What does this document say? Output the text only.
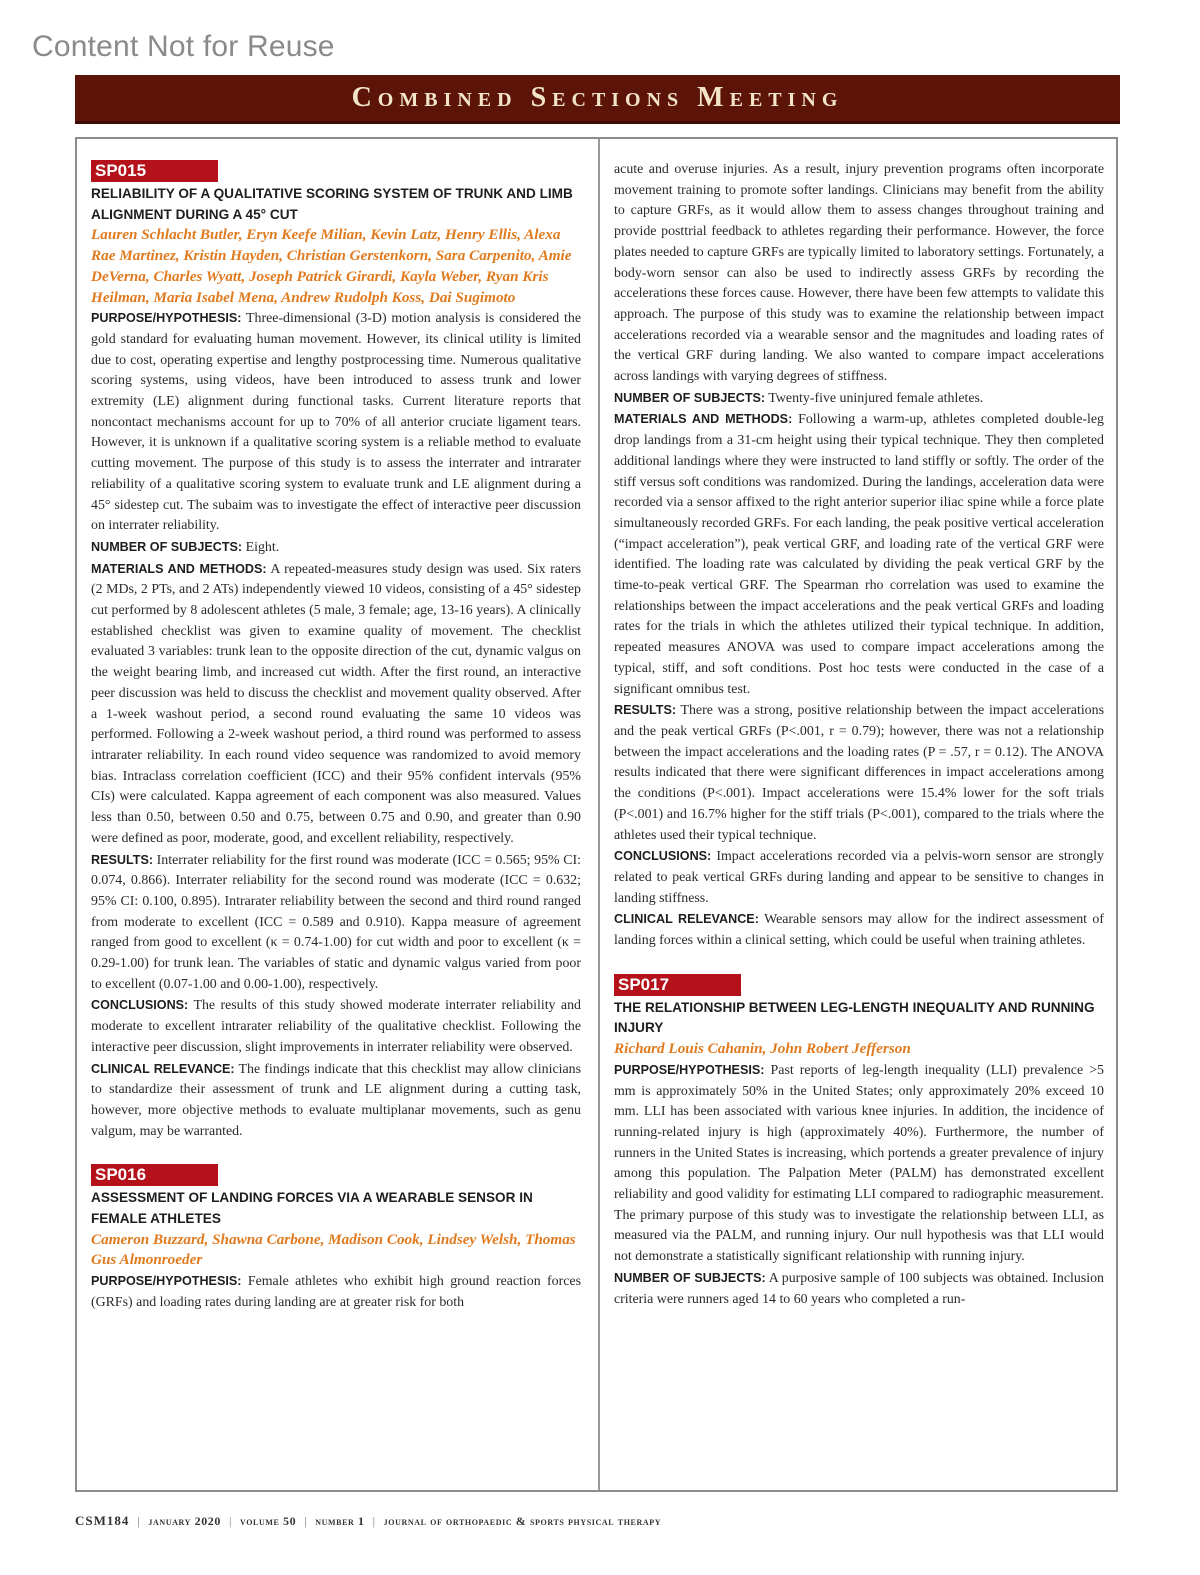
Content Not for Reuse
Combined Sections Meeting
SP015
RELIABILITY OF A QUALITATIVE SCORING SYSTEM OF TRUNK AND LIMB ALIGNMENT DURING A 45° CUT
Lauren Schlacht Butler, Eryn Keefe Milian, Kevin Latz, Henry Ellis, Alexa Rae Martinez, Kristin Hayden, Christian Gerstenkorn, Sara Carpenito, Amie DeVerna, Charles Wyatt, Joseph Patrick Girardi, Kayla Weber, Ryan Kris Heilman, Maria Isabel Mena, Andrew Rudolph Koss, Dai Sugimoto

PURPOSE/HYPOTHESIS: Three-dimensional (3-D) motion analysis is considered the gold standard for evaluating human movement. However, its clinical utility is limited due to cost, operating expertise and lengthy postprocessing time. Numerous qualitative scoring systems, using videos, have been introduced to assess trunk and lower extremity (LE) alignment during functional tasks. Current literature reports that noncontact mechanisms account for up to 70% of all anterior cruciate ligament tears. However, it is unknown if a qualitative scoring system is a reliable method to evaluate cutting movement. The purpose of this study is to assess the interrater and intrarater reliability of a qualitative scoring system to evaluate trunk and LE alignment during a 45° sidestep cut. The subaim was to investigate the effect of interactive peer discussion on interrater reliability.

NUMBER OF SUBJECTS: Eight.

MATERIALS AND METHODS: A repeated-measures study design was used. Six raters (2 MDs, 2 PTs, and 2 ATs) independently viewed 10 videos, consisting of a 45° sidestep cut performed by 8 adolescent athletes (5 male, 3 female; age, 13-16 years). A clinically established checklist was given to examine quality of movement. The checklist evaluated 3 variables: trunk lean to the opposite direction of the cut, dynamic valgus on the weight bearing limb, and increased cut width. After the first round, an interactive peer discussion was held to discuss the checklist and movement quality observed. After a 1-week washout period, a second round evaluating the same 10 videos was performed. Following a 2-week washout period, a third round was performed to assess intrarater reliability. In each round video sequence was randomized to avoid memory bias. Intraclass correlation coefficient (ICC) and their 95% confident intervals (95% CIs) were calculated. Kappa agreement of each component was also measured. Values less than 0.50, between 0.50 and 0.75, between 0.75 and 0.90, and greater than 0.90 were defined as poor, moderate, good, and excellent reliability, respectively.

RESULTS: Interrater reliability for the first round was moderate (ICC = 0.565; 95% CI: 0.074, 0.866). Interrater reliability for the second round was moderate (ICC = 0.632; 95% CI: 0.100, 0.895). Intrarater reliability between the second and third round ranged from moderate to excellent (ICC = 0.589 and 0.910). Kappa measure of agreement ranged from good to excellent (κ = 0.74-1.00) for cut width and poor to excellent (κ = 0.29-1.00) for trunk lean. The variables of static and dynamic valgus varied from poor to excellent (0.07-1.00 and 0.00-1.00), respectively.

CONCLUSIONS: The results of this study showed moderate interrater reliability and moderate to excellent intrarater reliability of the qualitative checklist. Following the interactive peer discussion, slight improvements in interrater reliability were observed.

CLINICAL RELEVANCE: The findings indicate that this checklist may allow clinicians to standardize their assessment of trunk and LE alignment during a cutting task, however, more objective methods to evaluate multiplanar movements, such as genu valgum, may be warranted.

SP016
ASSESSMENT OF LANDING FORCES VIA A WEARABLE SENSOR IN FEMALE ATHLETES
Cameron Buzzard, Shawna Carbone, Madison Cook, Lindsey Welsh, Thomas Gus Almonroeder

PURPOSE/HYPOTHESIS: Female athletes who exhibit high ground reaction forces (GRFs) and loading rates during landing are at greater risk for both

acute and overuse injuries. As a result, injury prevention programs often incorporate movement training to promote softer landings. Clinicians may benefit from the ability to capture GRFs, as it would allow them to assess changes throughout training and provide posttrial feedback to athletes regarding their performance. However, the force plates needed to capture GRFs are typically limited to laboratory settings. Fortunately, a body-worn sensor can also be used to indirectly assess GRFs by recording the accelerations these forces cause. However, there have been few attempts to validate this approach. The purpose of this study was to examine the relationship between impact accelerations recorded via a wearable sensor and the magnitudes and loading rates of the vertical GRF during landing. We also wanted to compare impact accelerations across landings with varying degrees of stiffness.

NUMBER OF SUBJECTS: Twenty-five uninjured female athletes.

MATERIALS AND METHODS: Following a warm-up, athletes completed double-leg drop landings from a 31-cm height using their typical technique. They then completed additional landings where they were instructed to land stiffly or softly. The order of the stiff versus soft conditions was randomized. During the landings, acceleration data were recorded via a sensor affixed to the right anterior superior iliac spine while a force plate simultaneously recorded GRFs. For each landing, the peak positive vertical acceleration (“impact acceleration”), peak vertical GRF, and loading rate of the vertical GRF were identified. The loading rate was calculated by dividing the peak vertical GRF by the time-to-peak vertical GRF. The Spearman rho correlation was used to examine the relationships between the impact accelerations and the peak vertical GRFs and loading rates for the trials in which the athletes utilized their typical technique. In addition, repeated measures ANOVA was used to compare impact accelerations among the typical, stiff, and soft conditions. Post hoc tests were conducted in the case of a significant omnibus test.

RESULTS: There was a strong, positive relationship between the impact accelerations and the peak vertical GRFs (P<.001, r = 0.79); however, there was not a relationship between the impact accelerations and the loading rates (P = .57, r = 0.12). The ANOVA results indicated that there were significant differences in impact accelerations among the conditions (P<.001). Impact accelerations were 15.4% lower for the soft trials (P<.001) and 16.7% higher for the stiff trials (P<.001), compared to the trials where the athletes used their typical technique.

CONCLUSIONS: Impact accelerations recorded via a pelvis-worn sensor are strongly related to peak vertical GRFs during landing and appear to be sensitive to changes in landing stiffness.

CLINICAL RELEVANCE: Wearable sensors may allow for the indirect assessment of landing forces within a clinical setting, which could be useful when training athletes.

SP017
THE RELATIONSHIP BETWEEN LEG-LENGTH INEQUALITY AND RUNNING INJURY
Richard Louis Cahanin, John Robert Jefferson

PURPOSE/HYPOTHESIS: Past reports of leg-length inequality (LLI) prevalence >5 mm is approximately 50% in the United States; only approximately 20% exceed 10 mm. LLI has been associated with various knee injuries. In addition, the incidence of running-related injury is high (approximately 40%). Furthermore, the number of runners in the United States is increasing, which portends a greater prevalence of injury among this population. The Palpation Meter (PALM) has demonstrated excellent reliability and good validity for estimating LLI compared to radiographic measurement. The primary purpose of this study was to investigate the relationship between LLI, as measured via the PALM, and running injury. Our null hypothesis was that LLI would not demonstrate a statistically significant relationship with running injury.

NUMBER OF SUBJECTS: A purposive sample of 100 subjects was obtained. Inclusion criteria were runners aged 14 to 60 years who completed a run-

CSM184 | january 2020 | volume 50 | number 1 | journal of orthopaedic & sports physical therapy
